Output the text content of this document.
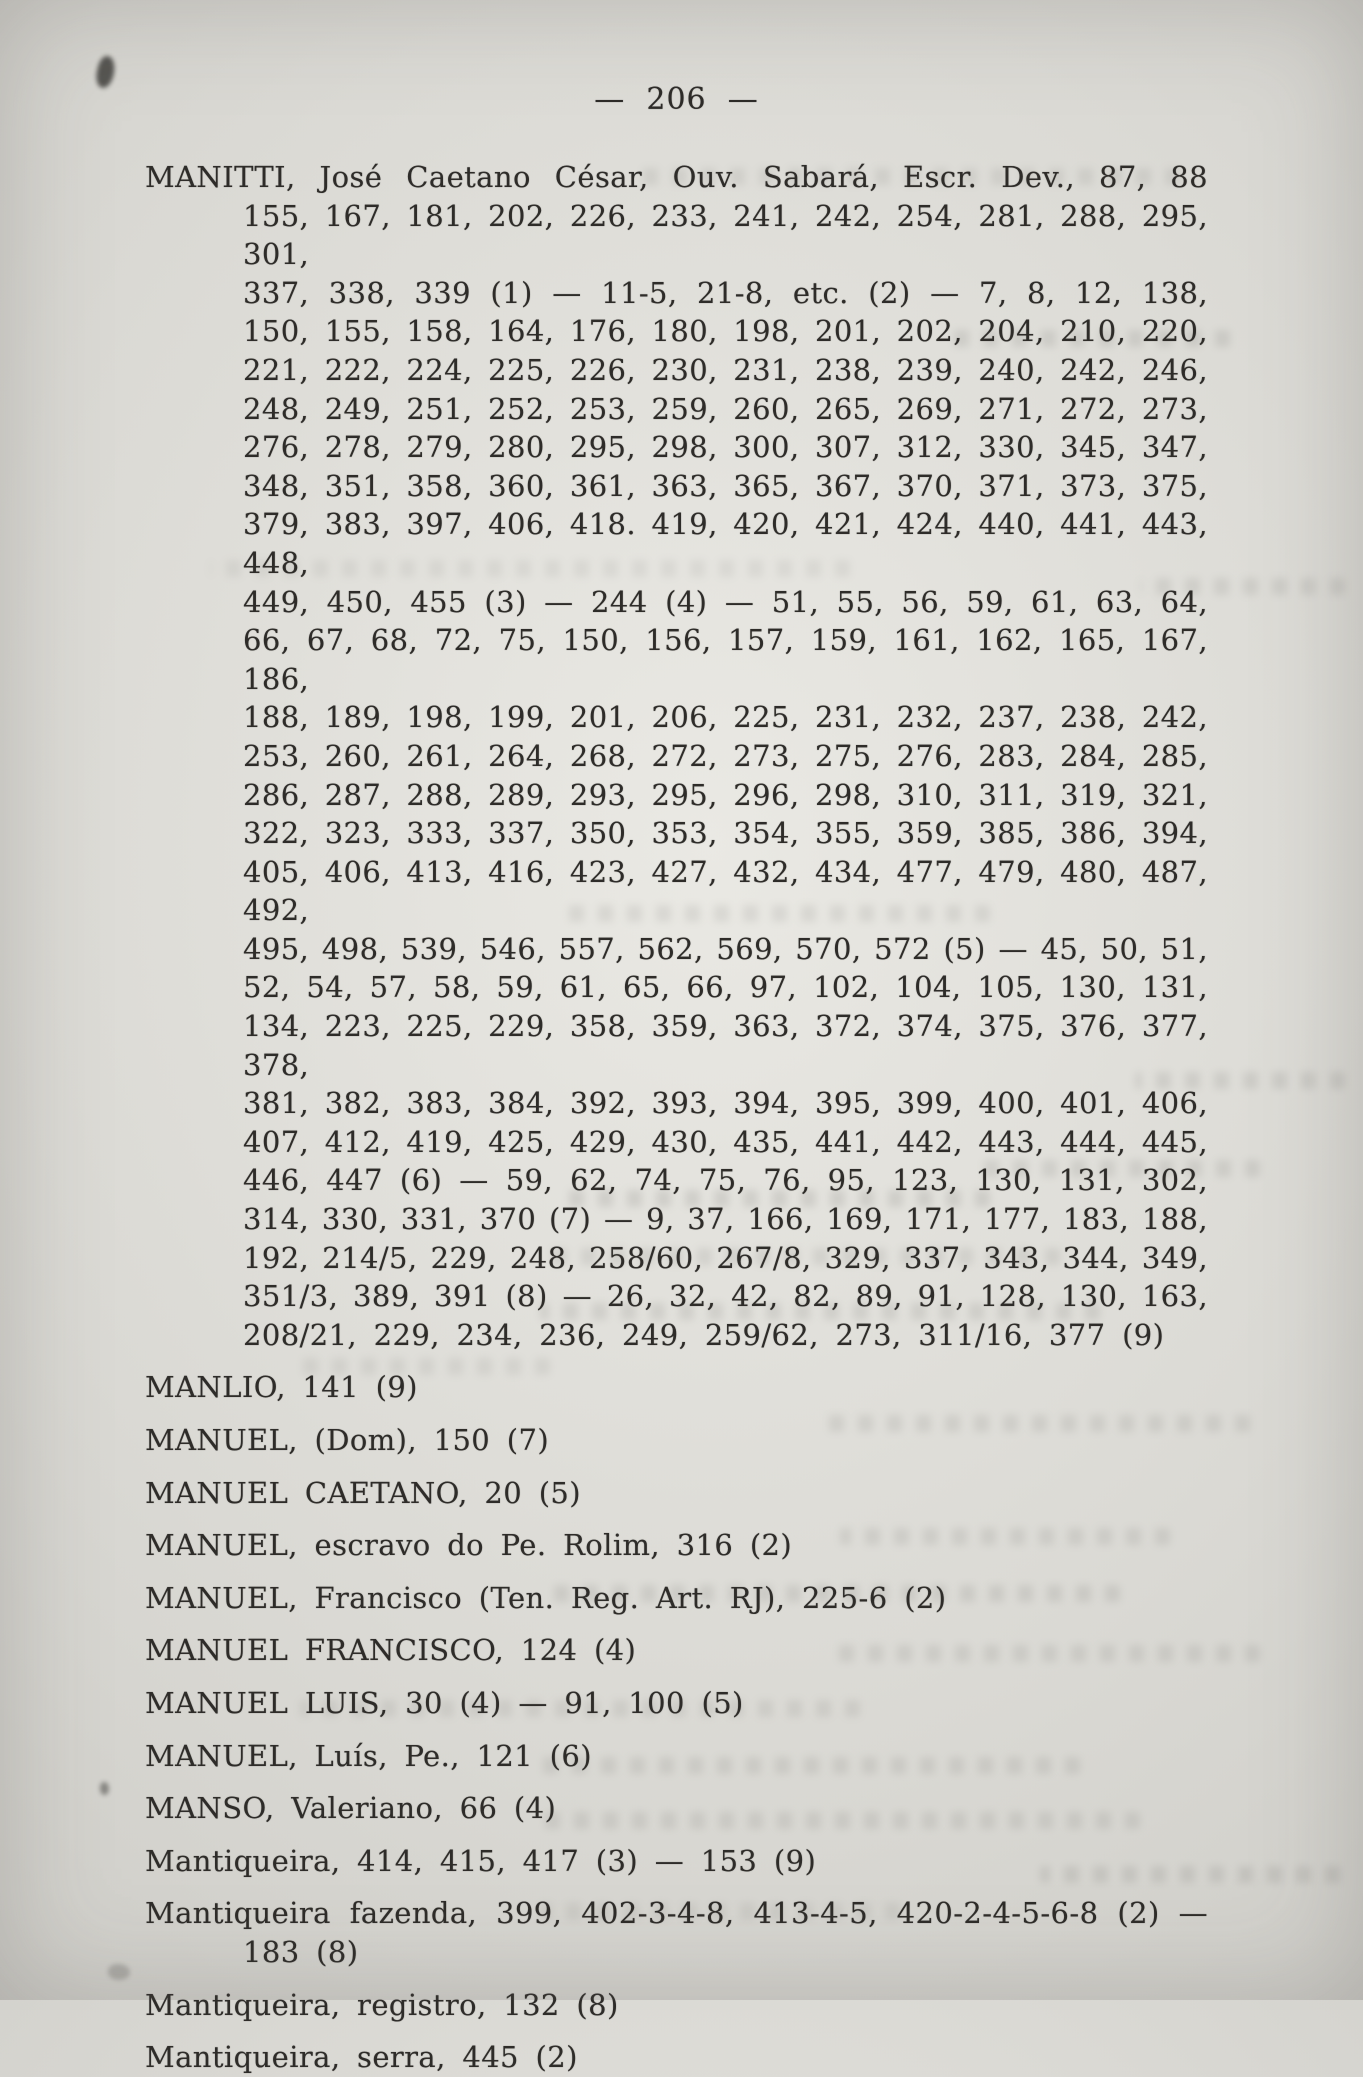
—  206  —
MANITTI, José Caetano César, Ouv. Sabará, Escr. Dev., 87, 88
155, 167, 181, 202, 226, 233, 241, 242, 254, 281, 288, 295, 301,
337, 338, 339 (1) — 11-5, 21-8, etc. (2) — 7, 8, 12, 138,
150, 155, 158, 164, 176, 180, 198, 201, 202, 204, 210, 220,
221, 222, 224, 225, 226, 230, 231, 238, 239, 240, 242, 246,
248, 249, 251, 252, 253, 259, 260, 265, 269, 271, 272, 273,
276, 278, 279, 280, 295, 298, 300, 307, 312, 330, 345, 347,
348, 351, 358, 360, 361, 363, 365, 367, 370, 371, 373, 375,
379, 383, 397, 406, 418. 419, 420, 421, 424, 440, 441, 443, 448,
449, 450, 455 (3) — 244 (4) — 51, 55, 56, 59, 61, 63, 64,
66, 67, 68, 72, 75, 150, 156, 157, 159, 161, 162, 165, 167, 186,
188, 189, 198, 199, 201, 206, 225, 231, 232, 237, 238, 242,
253, 260, 261, 264, 268, 272, 273, 275, 276, 283, 284, 285,
286, 287, 288, 289, 293, 295, 296, 298, 310, 311, 319, 321,
322, 323, 333, 337, 350, 353, 354, 355, 359, 385, 386, 394,
405, 406, 413, 416, 423, 427, 432, 434, 477, 479, 480, 487, 492,
495, 498, 539, 546, 557, 562, 569, 570, 572 (5) — 45, 50, 51,
52, 54, 57, 58, 59, 61, 65, 66, 97, 102, 104, 105, 130, 131,
134, 223, 225, 229, 358, 359, 363, 372, 374, 375, 376, 377, 378,
381, 382, 383, 384, 392, 393, 394, 395, 399, 400, 401, 406,
407, 412, 419, 425, 429, 430, 435, 441, 442, 443, 444, 445,
446, 447 (6) — 59, 62, 74, 75, 76, 95, 123, 130, 131, 302,
314, 330, 331, 370 (7) — 9, 37, 166, 169, 171, 177, 183, 188,
192, 214/5, 229, 248, 258/60, 267/8, 329, 337, 343, 344, 349,
351/3, 389, 391 (8) — 26, 32, 42, 82, 89, 91, 128, 130, 163,
208/21, 229, 234, 236, 249, 259/62, 273, 311/16, 377 (9)
MANLIO, 141 (9)
MANUEL, (Dom), 150 (7)
MANUEL CAETANO, 20 (5)
MANUEL, escravo do Pe. Rolim, 316 (2)
MANUEL, Francisco (Ten. Reg. Art. RJ), 225-6 (2)
MANUEL FRANCISCO, 124 (4)
MANUEL LUIS, 30 (4) — 91, 100 (5)
MANUEL, Luís, Pe., 121 (6)
MANSO, Valeriano, 66 (4)
Mantiqueira, 414, 415, 417 (3) — 153 (9)
Mantiqueira fazenda, 399, 402-3-4-8, 413-4-5, 420-2-4-5-6-8 (2) —
183 (8)
Mantiqueira, registro, 132 (8)
Mantiqueira, serra, 445 (2)
